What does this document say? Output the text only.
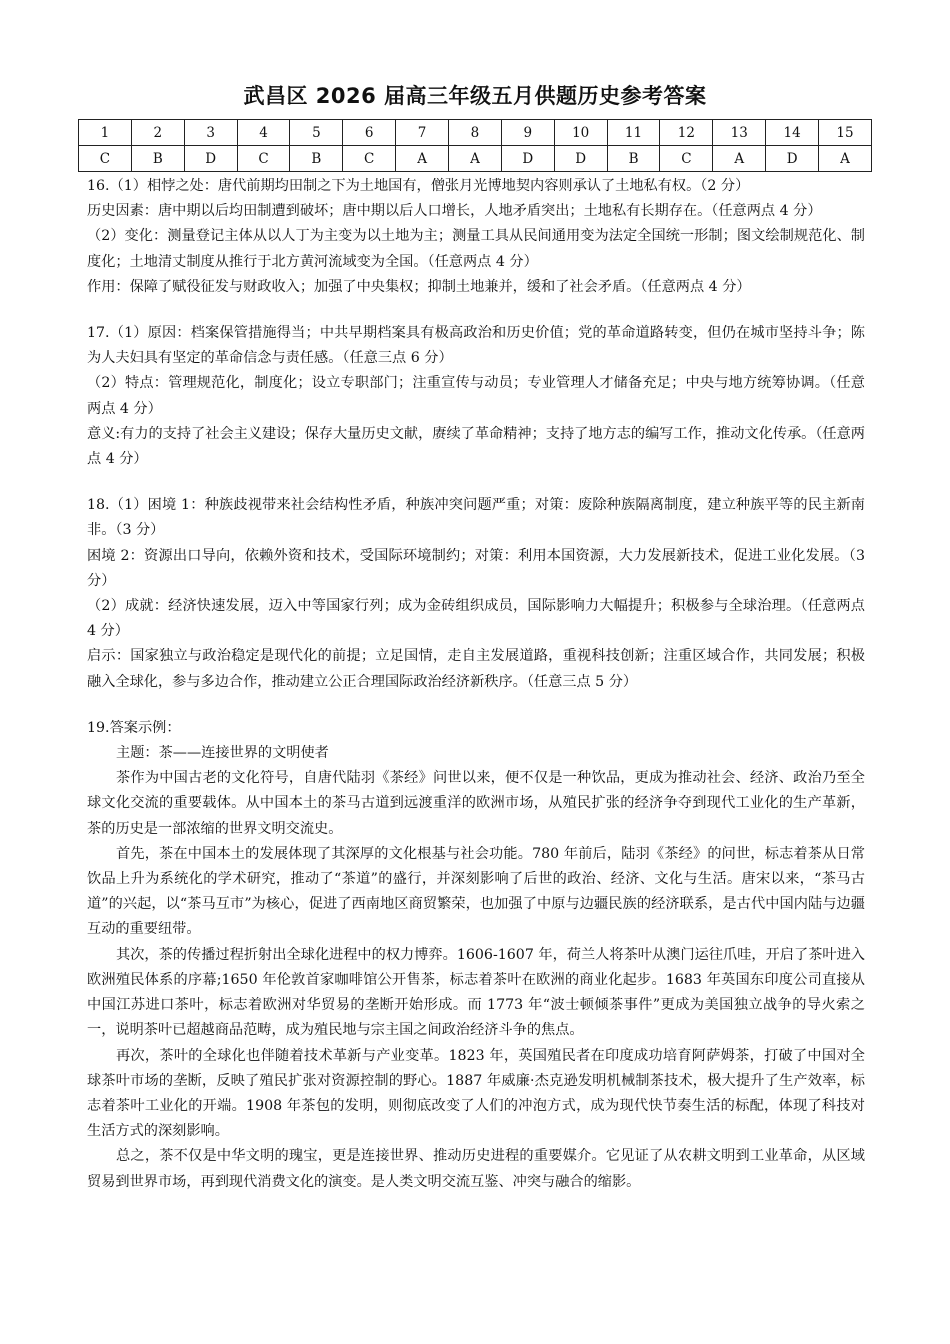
武昌区 2026 届高三年级五月供题历史参考答案
1	2	3	4	5	6	7	8	9	10	11	12	13	14	15
C	B	D	C	B	C	A	A	D	D	B	C	A	D	A

16.（1）相悖之处：唐代前期均田制之下为土地国有，僧张月光博地契内容则承认了土地私有权。（2 分）

历史因素：唐中期以后均田制遭到破坏；唐中期以后人口增长，人地矛盾突出；土地私有长期存在。（任意两点 4 分）

（2）变化：测量登记主体从以人丁为主变为以土地为主；测量工具从民间通用变为法定全国统一形制；图文绘制规范化、制度化；土地清丈制度从推行于北方黄河流域变为全国。（任意两点 4 分）

作用：保障了赋役征发与财政收入；加强了中央集权；抑制土地兼并，缓和了社会矛盾。（任意两点 4 分）

17.（1）原因：档案保管措施得当；中共早期档案具有极高政治和历史价值；党的革命道路转变，但仍在城市坚持斗争；陈为人夫妇具有坚定的革命信念与责任感。（任意三点 6 分）

（2）特点：管理规范化，制度化；设立专职部门；注重宣传与动员；专业管理人才储备充足；中央与地方统筹协调。（任意两点 4 分）

意义:有力的支持了社会主义建设；保存大量历史文献，赓续了革命精神；支持了地方志的编写工作，推动文化传承。（任意两点 4 分）

18.（1）困境 1：种族歧视带来社会结构性矛盾，种族冲突问题严重；对策：废除种族隔离制度，建立种族平等的民主新南非。（3 分）

困境 2：资源出口导向，依赖外资和技术，受国际环境制约；对策：利用本国资源，大力发展新技术，促进工业化发展。（3 分）

（2）成就：经济快速发展，迈入中等国家行列；成为金砖组织成员，国际影响力大幅提升；积极参与全球治理。（任意两点 4 分）

启示：国家独立与政治稳定是现代化的前提；立足国情，走自主发展道路，重视科技创新；注重区域合作，共同发展；积极融入全球化，参与多边合作，推动建立公正合理国际政治经济新秩序。（任意三点 5 分）

19.答案示例：

主题：茶——连接世界的文明使者

茶作为中国古老的文化符号，自唐代陆羽《茶经》问世以来，便不仅是一种饮品，更成为推动社会、经济、政治乃至全球文化交流的重要载体。从中国本土的茶马古道到远渡重洋的欧洲市场，从殖民扩张的经济争夺到现代工业化的生产革新，茶的历史是一部浓缩的世界文明交流史。

首先，茶在中国本土的发展体现了其深厚的文化根基与社会功能。780 年前后，陆羽《茶经》的问世，标志着茶从日常饮品上升为系统化的学术研究，推动了“茶道”的盛行，并深刻影响了后世的政治、经济、文化与生活。唐宋以来，“茶马古道”的兴起，以“茶马互市”为核心，促进了西南地区商贸繁荣，也加强了中原与边疆民族的经济联系，是古代中国内陆与边疆互动的重要纽带。

其次，茶的传播过程折射出全球化进程中的权力博弈。1606-1607 年，荷兰人将茶叶从澳门运往爪哇，开启了茶叶进入欧洲殖民体系的序幕;1650 年伦敦首家咖啡馆公开售茶，标志着茶叶在欧洲的商业化起步。1683 年英国东印度公司直接从中国江苏进口茶叶，标志着欧洲对华贸易的垄断开始形成。而 1773 年“波士顿倾茶事件”更成为美国独立战争的导火索之一，说明茶叶已超越商品范畴，成为殖民地与宗主国之间政治经济斗争的焦点。

再次，茶叶的全球化也伴随着技术革新与产业变革。1823 年，英国殖民者在印度成功培育阿萨姆茶，打破了中国对全球茶叶市场的垄断，反映了殖民扩张对资源控制的野心。1887 年威廉·杰克逊发明机械制茶技术，极大提升了生产效率，标志着茶叶工业化的开端。1908 年茶包的发明，则彻底改变了人们的冲泡方式，成为现代快节奏生活的标配，体现了科技对生活方式的深刻影响。

总之，茶不仅是中华文明的瑰宝，更是连接世界、推动历史进程的重要媒介。它见证了从农耕文明到工业革命，从区域贸易到世界市场，再到现代消费文化的演变。是人类文明交流互鉴、冲突与融合的缩影。
